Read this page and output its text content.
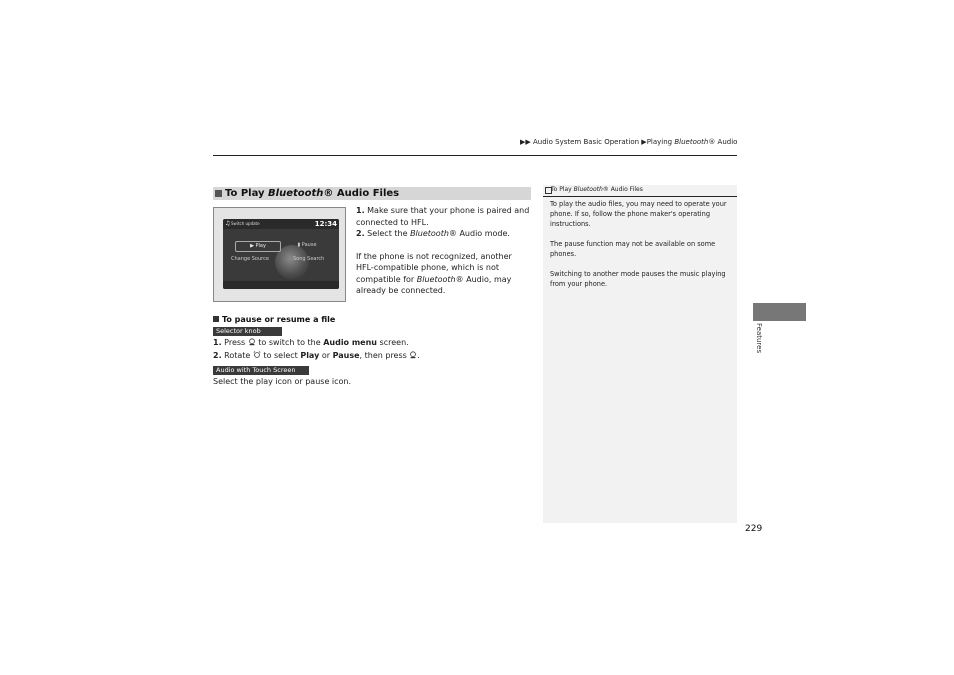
▶▶ Audio System Basic Operation ▶Playing Bluetooth® Audio
To Play Bluetooth® Audio Files
♫ Switch update	12:34
▶ Play	▮ Pause
Change Source	Song Search

1. Make sure that your phone is paired and connected to HFL.

2. Select the Bluetooth® Audio mode.

If the phone is not recognized, another HFL-compatible phone, which is not compatible for Bluetooth® Audio, may already be connected.

To pause or resume a file
Selector knob
1. Press  to switch to the Audio menu screen.
2. Rotate  to select Play or Pause, then press .
Audio with Touch Screen
Select the play icon or pause icon.
To Play Bluetooth® Audio Files

To play the audio files, you may need to operate your phone. If so, follow the phone maker's operating instructions.

The pause function may not be available on some phones.

Switching to another mode pauses the music playing from your phone.

Features
229
